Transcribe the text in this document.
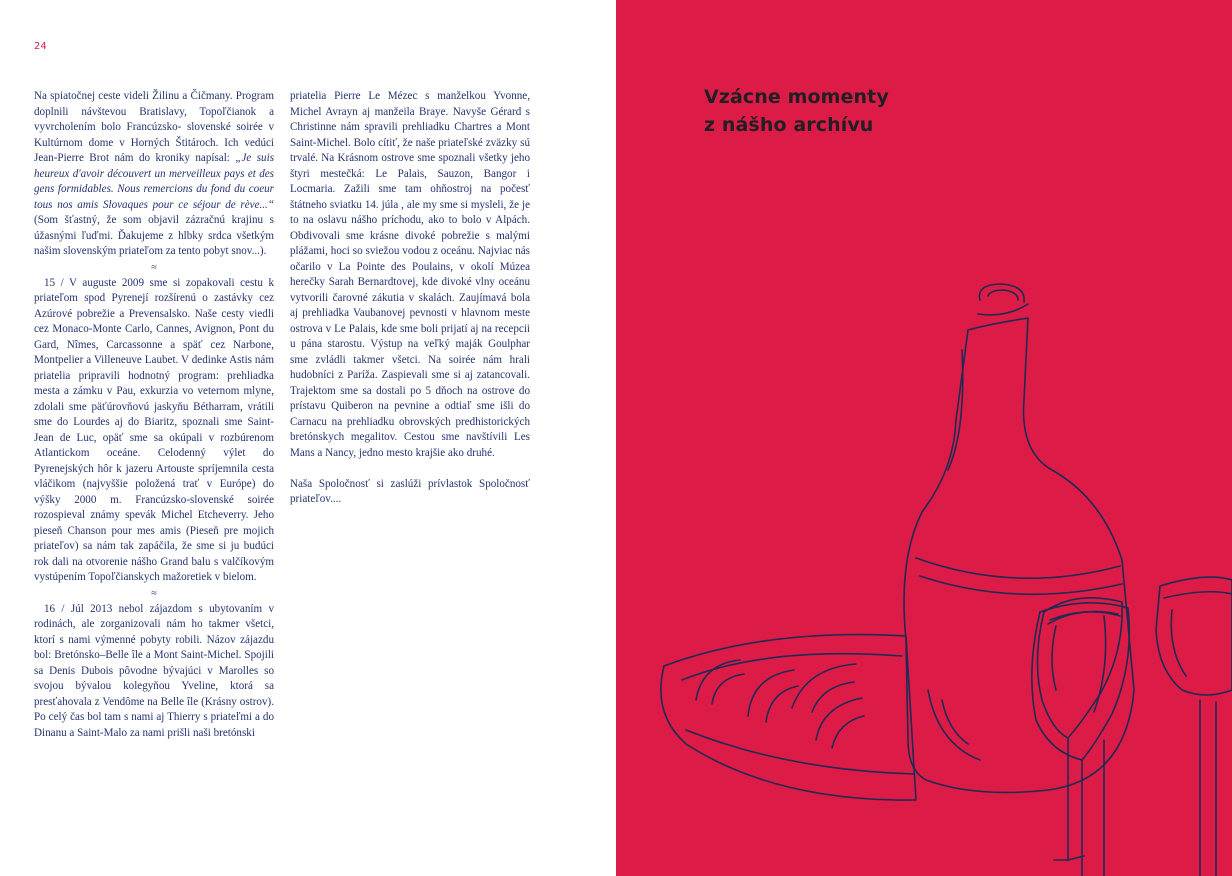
24

Na spiatočnej ceste videli Žilinu a Čičmany. Program doplnili návštevou Bratislavy, Topoľčianok a vyvrcholením bolo Francúzsko- slovenské soirée v Kultúrnom dome v Horných Štitároch. Ich vedúci Jean-Pierre Brot nám do kroniky napísal: „Je suis heureux d'avoir découvert un merveilleux pays et des gens formidables. Nous remercions du fond du coeur tous nos amis Slovaques pour ce séjour de rève...“ (Som šťastný, že som objavil zázračnú krajinu s úžasnými ľuďmi. Ďakujeme z hlbky srdca všetkým našim slovenským priateľom za tento pobyt snov...).

≈

15 / V auguste 2009 sme si zopakovali cestu k priateľom spod Pyrenejí rozšírenú o zastávky cez Azúrové pobrežie a Prevensalsko. Naše cesty viedli cez Monaco-Monte Carlo, Cannes, Avignon, Pont du Gard, Nîmes, Carcassonne a späť cez Narbone, Montpelier a Villeneuve Laubet. V dedinke Astis nám priatelia pripravili hodnotný program: prehliadka mesta a zámku v Pau, exkurzia vo veternom mlyne, zdolali sme päťúrovňovú jaskyňu Bétharram, vrátili sme do Lourdes aj do Biaritz, spoznali sme Saint-Jean de Luc, opäť sme sa okúpali v rozbúrenom Atlantickom oceáne. Celodenný výlet do Pyrenejských hôr k jazeru Artouste spríjemnila cesta vláčikom (najvyššie položená trať v Európe) do výšky 2000 m. Francúzsko-slovenské soirée rozospieval známy spevák Michel Etcheverry. Jeho pieseň Chanson pour mes amis (Pieseň pre mojich priateľov) sa nám tak zapáčila, že sme si ju budúci rok dali na otvorenie nášho Grand balu s valčíkovým vystúpením Topoľčianskych mažoretiek v bielom.

≈

16 / Júl 2013 nebol zájazdom s ubytovaním v rodinách, ale zorganizovali nám ho takmer všetci, ktorí s nami výmenné pobyty robili. Názov zájazdu bol: Bretónsko–Belle île a Mont Saint-Michel. Spojili sa Denis Dubois pôvodne bývajúci v Marolles so svojou bývalou kolegyňou Yveline, ktorá sa presťahovala z Vendôme na Belle île (Krásny ostrov). Po celý čas bol tam s nami aj Thierry s priateľmi a do Dinanu a Saint-Malo za nami prišli naši bretónski

priatelia Pierre Le Mézec s manželkou Yvonne, Michel Avrayn aj manžeila Braye. Navyše Gérard s Christinne nám spravili prehliadku Chartres a Mont Saint-Michel. Bolo cítiť, že naše priateľské zväzky sú trvalé. Na Krásnom ostrove sme spoznali všetky jeho štyri mestečká: Le Palais, Sauzon, Bangor i Locmaria. Zažili sme tam ohňostroj na počesť štátneho sviatku 14. júla , ale my sme si mysleli, že je to na oslavu nášho príchodu, ako to bolo v Alpách. Obdivovali sme krásne divoké pobrežie s malými plážami, hoci so sviežou vodou z oceánu. Najviac nás očarilo v La Pointe des Poulains, v okolí Múzea herečky Sarah Bernardtovej, kde divoké vlny oceánu vytvorili čarovné zákutia v skalách. Zaujímavá bola aj prehliadka Vaubanovej pevnosti v hlavnom meste ostrova v Le Palais, kde sme boli prijatí aj na recepcii u pána starostu. Výstup na veľký maják Goulphar sme zvládli takmer všetci. Na soirée nám hrali hudobníci z Paríža. Zaspievali sme si aj zatancovali. Trajektom sme sa dostali po 5 dňoch na ostrove do prístavu Quiberon na pevnine a odtiaľ sme išli do Carnacu na prehliadku obrovských predhistorických bretónskych megalitov. Cestou sme navštívili Les Mans a Nancy, jedno mesto krajšie ako druhé.

Naša Spoločnosť si zaslúži prívlastok Spoločnosť priateľov....

Vzácne momenty
z nášho archívu
